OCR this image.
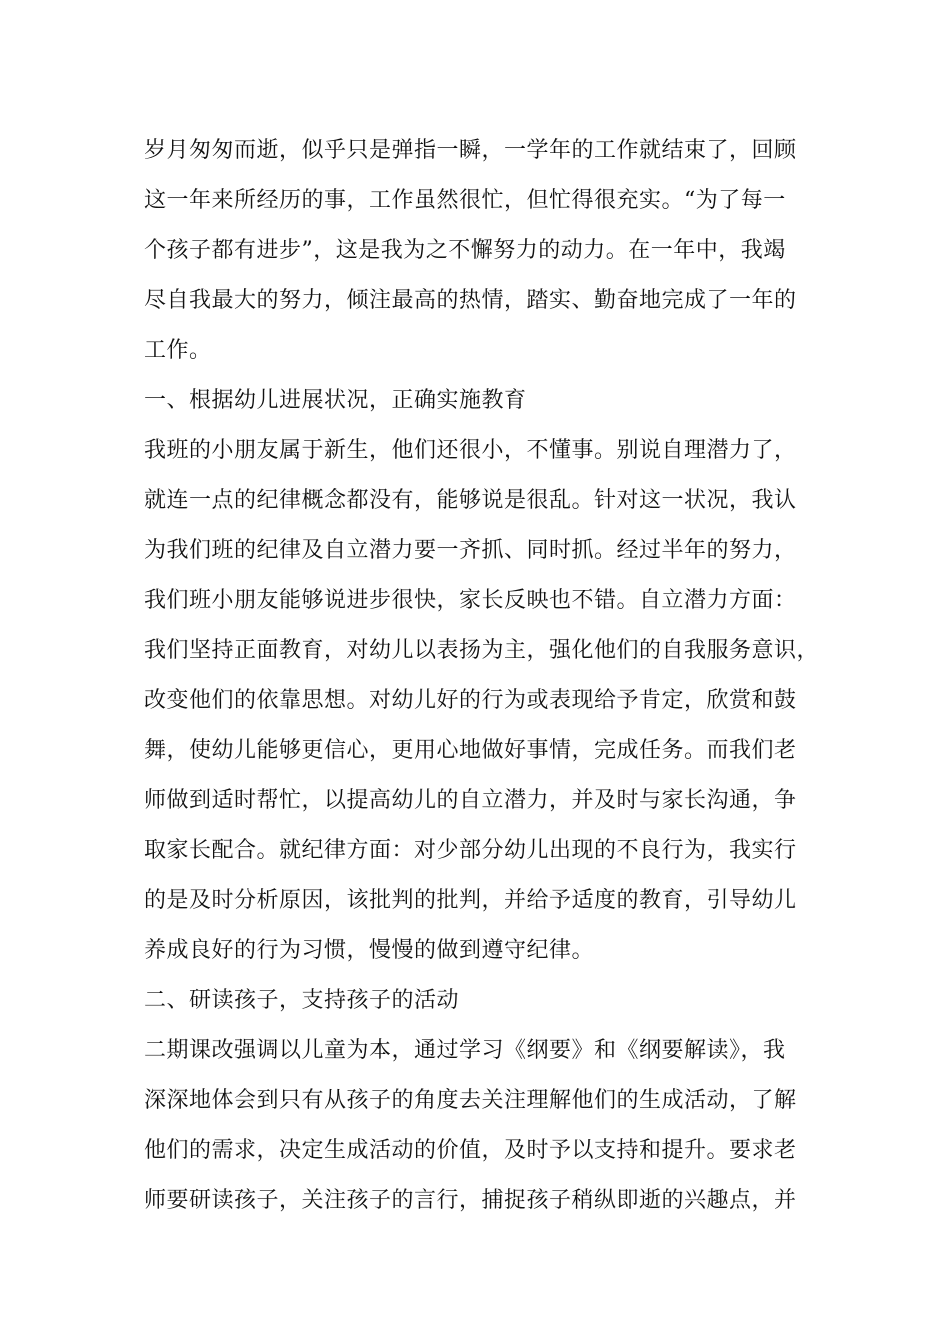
岁月匆匆而逝，似乎只是弹指一瞬，一学年的工作就结束了，回顾

这一年来所经历的事，工作虽然很忙，但忙得很充实。“为了每一

个孩子都有进步”，这是我为之不懈努力的动力。在一年中，我竭

尽自我最大的努力，倾注最高的热情，踏实、勤奋地完成了一年的

工作。

一、根据幼儿进展状况，正确实施教育

我班的小朋友属于新生，他们还很小，不懂事。别说自理潜力了，

就连一点的纪律概念都没有，能够说是很乱。针对这一状况，我认

为我们班的纪律及自立潜力要一齐抓、同时抓。经过半年的努力，

我们班小朋友能够说进步很快，家长反映也不错。自立潜力方面：

我们坚持正面教育，对幼儿以表扬为主，强化他们的自我服务意识，

改变他们的依靠思想。对幼儿好的行为或表现给予肯定，欣赏和鼓

舞，使幼儿能够更信心，更用心地做好事情，完成任务。而我们老

师做到适时帮忙，以提高幼儿的自立潜力，并及时与家长沟通，争

取家长配合。就纪律方面：对少部分幼儿出现的不良行为，我实行

的是及时分析原因，该批判的批判，并给予适度的教育，引导幼儿

养成良好的行为习惯，慢慢的做到遵守纪律。

二、研读孩子，支持孩子的活动

二期课改强调以儿童为本，通过学习《纲要》和《纲要解读》，我

深深地体会到只有从孩子的角度去关注理解他们的生成活动，了解

他们的需求，决定生成活动的价值，及时予以支持和提升。要求老

师要研读孩子，关注孩子的言行，捕捉孩子稍纵即逝的兴趣点，并
